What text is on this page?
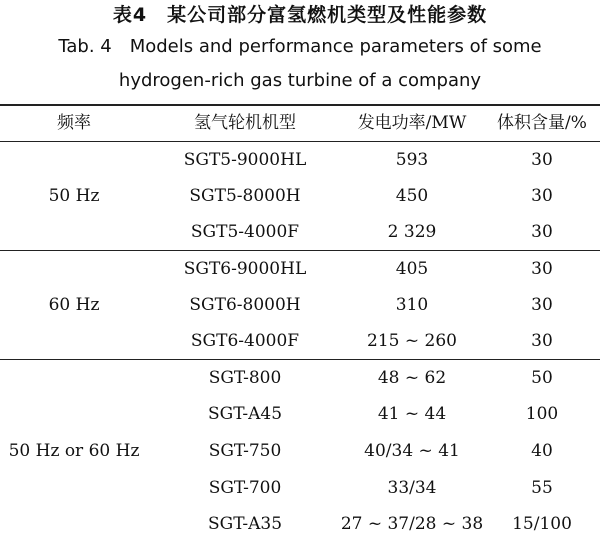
表4　某公司部分富氢燃机类型及性能参数
Tab. 4　Models and performance parameters of some
hydrogen-rich gas turbine of a company
频率	氢气轮机机型	发电功率/MW	体积含量/%
50 Hz
SGT5-9000HL	593	30
SGT5-8000H	450	30
SGT5-4000F	2 329	30
60 Hz
SGT6-9000HL	405	30
SGT6-8000H	310	30
SGT6-4000F	215 ~ 260	30
50 Hz or 60 Hz
SGT-800	48 ~ 62	50
SGT-A45	41 ~ 44	100
SGT-750	40/34 ~ 41	40
SGT-700	33/34	55
SGT-A35	27 ~ 37/28 ~ 38	15/100
